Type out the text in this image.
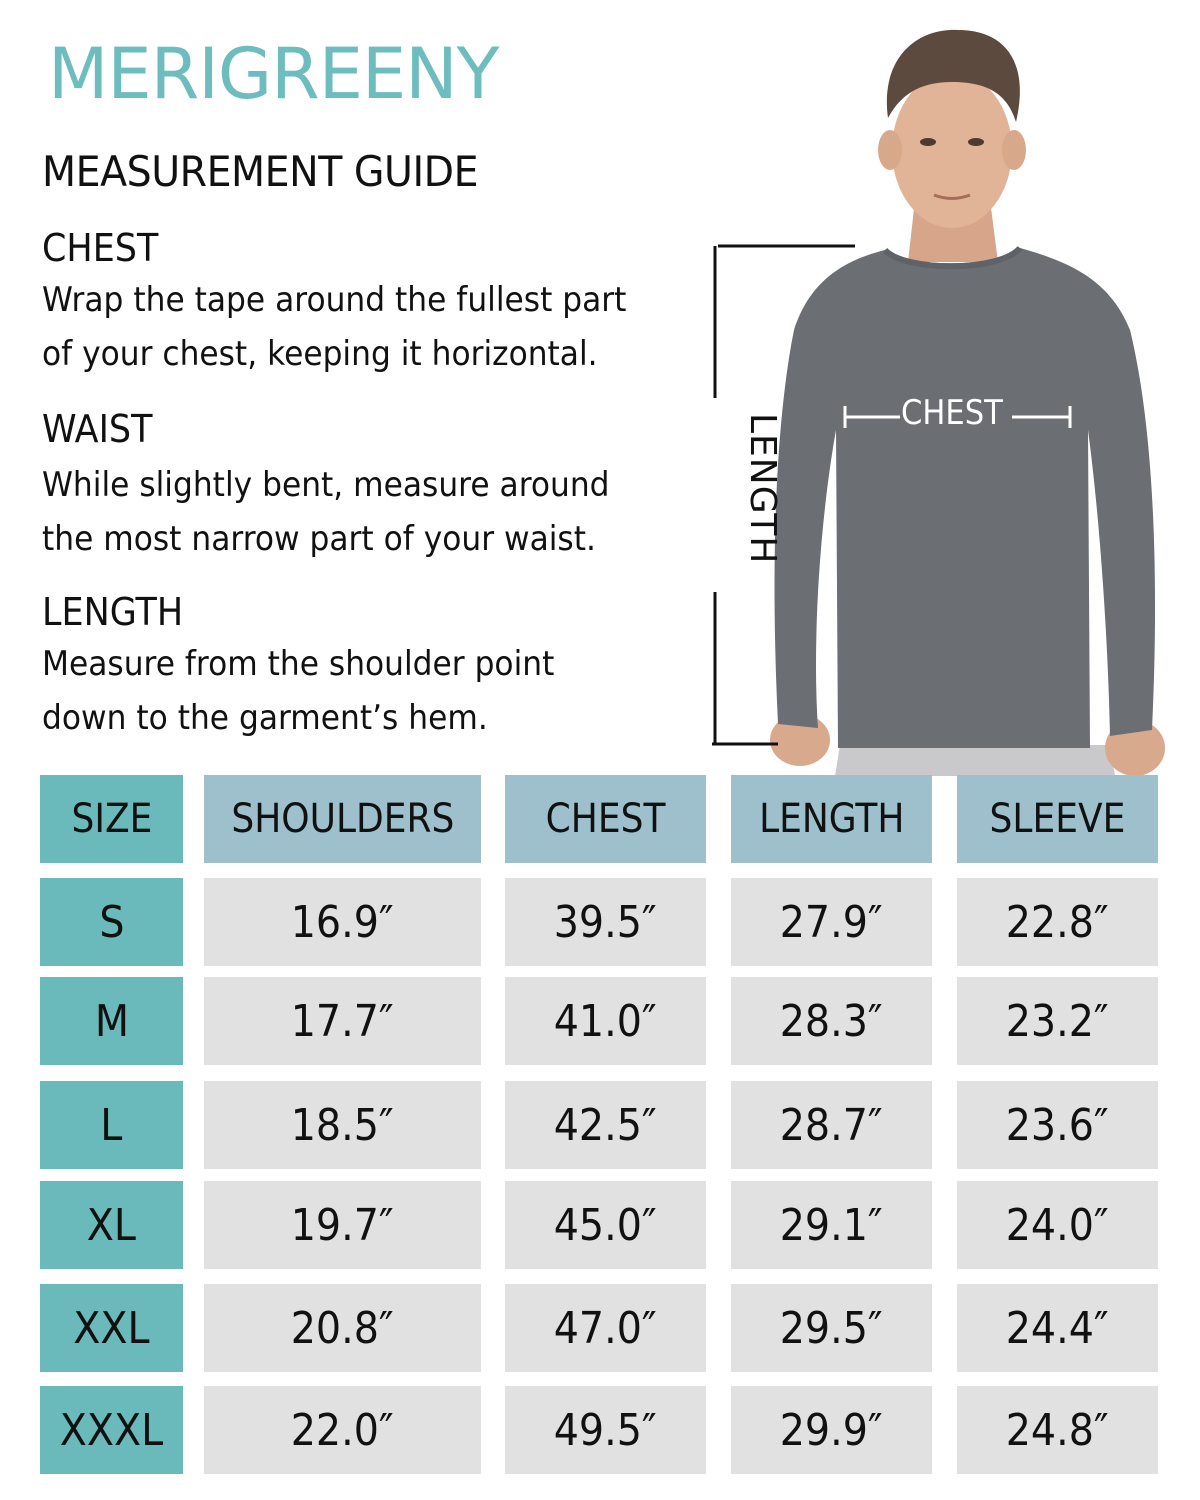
MERIGREENY
MEASUREMENT GUIDE
CHEST
Wrap the tape around the fullest part
of your chest, keeping it horizontal.
WAIST
While slightly bent, measure around
the most narrow part of your waist.
LENGTH
Measure from the shoulder point
down to the garment’s hem.
CHEST
LENGTH
SIZE SHOULDERS CHEST LENGTH SLEEVE
S	16.9″	39.5″	27.9″	22.8″
M	17.7″	41.0″	28.3″	23.2″
L	18.5″	42.5″	28.7″	23.6″
XL	19.7″	45.0″	29.1″	24.0″
XXL	20.8″	47.0″	29.5″	24.4″
XXXL	22.0″	49.5″	29.9″	24.8″
